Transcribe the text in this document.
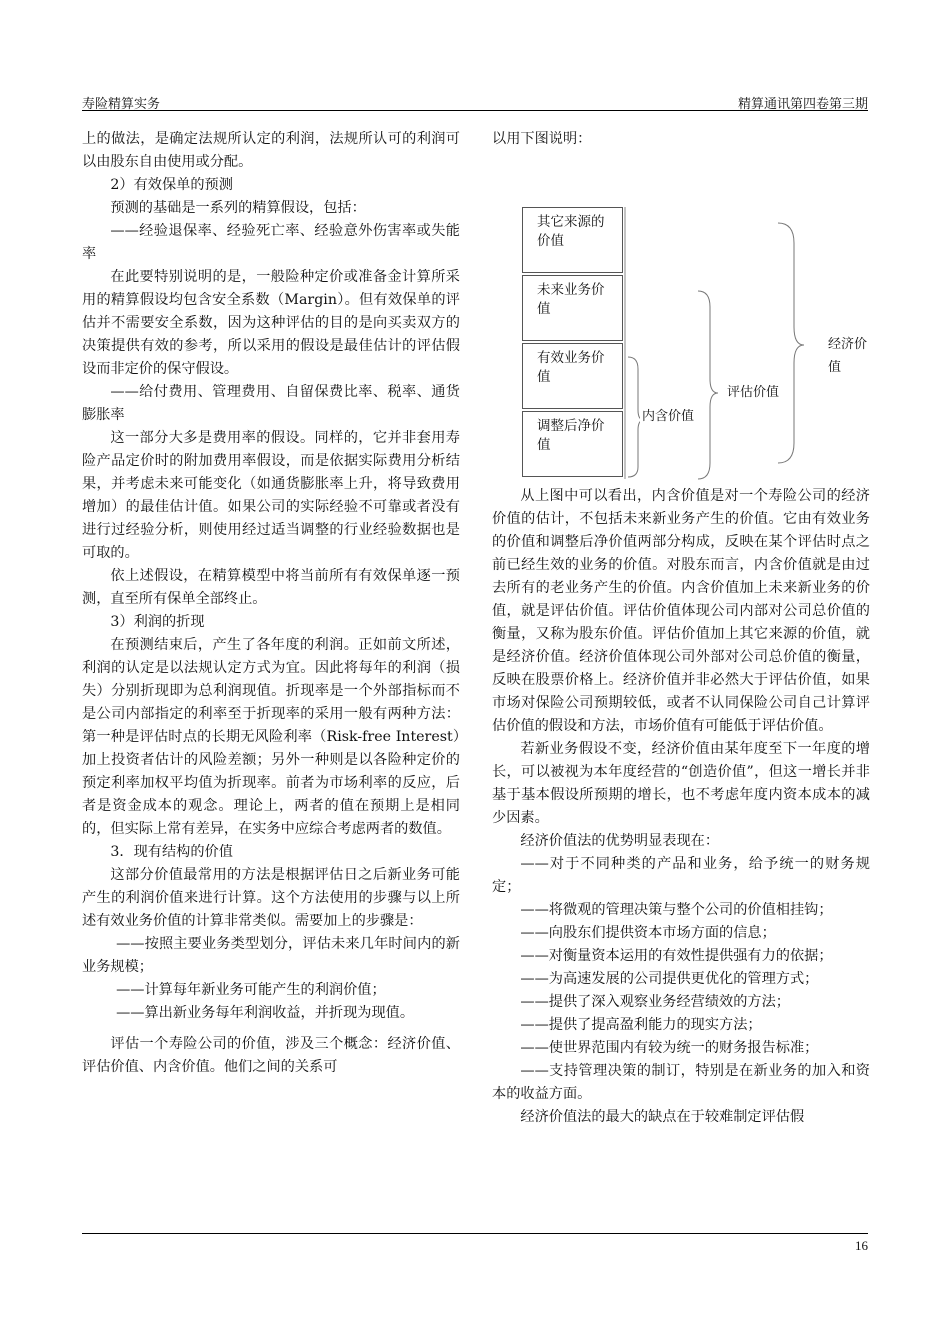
寿险精算实务	精算通讯第四卷第三期

上的做法，是确定法规所认定的利润，法规所认可的利润可以由股东自由使用或分配。

2）有效保单的预测

预测的基础是一系列的精算假设，包括：

——经验退保率、经验死亡率、经验意外伤害率或失能率

在此要特别说明的是，一般险种定价或准备金计算所采用的精算假设均包含安全系数（Margin）。但有效保单的评估并不需要安全系数，因为这种评估的目的是向买卖双方的决策提供有效的参考，所以采用的假设是最佳估计的评估假设而非定价的保守假设。

——给付费用、管理费用、自留保费比率、税率、通货膨胀率

这一部分大多是费用率的假设。同样的，它并非套用寿险产品定价时的附加费用率假设，而是依据实际费用分析结果，并考虑未来可能变化（如通货膨胀率上升，将导致费用增加）的最佳估计值。如果公司的实际经验不可靠或者没有进行过经验分析，则使用经过适当调整的行业经验数据也是可取的。

依上述假设，在精算模型中将当前所有有效保单逐一预测，直至所有保单全部终止。

3）利润的折现

在预测结束后，产生了各年度的利润。正如前文所述，利润的认定是以法规认定方式为宜。因此将每年的利润（损失）分别折现即为总利润现值。折现率是一个外部指标而不是公司内部指定的利率至于折现率的采用一般有两种方法：第一种是评估时点的长期无风险利率（Risk-free Interest）加上投资者估计的风险差额；另外一种则是以各险种定价的预定利率加权平均值为折现率。前者为市场利率的反应，后者是资金成本的观念。理论上，两者的值在预期上是相同的，但实际上常有差异，在实务中应综合考虑两者的数值。

3．现有结构的价值

这部分价值最常用的方法是根据评估日之后新业务可能产生的利润价值来进行计算。这个方法使用的步骤与以上所述有效业务价值的计算非常类似。需要加上的步骤是：

——按照主要业务类型划分，评估未来几年时间内的新业务规模；

——计算每年新业务可能产生的利润价值；

——算出新业务每年利润收益，并折现为现值。

评估一个寿险公司的价值，涉及三个概念：经济价值、评估价值、内含价值。他们之间的关系可

以用下图说明：

其它来源的价值
未来业务价值
有效业务价值
调整后净价值
内含价值
评估价值
经济价值

从上图中可以看出，内含价值是对一个寿险公司的经济价值的估计，不包括未来新业务产生的价值。它由有效业务的价值和调整后净价值两部分构成，反映在某个评估时点之前已经生效的业务的价值。对股东而言，内含价值就是由过去所有的老业务产生的价值。内含价值加上未来新业务的价值，就是评估价值。评估价值体现公司内部对公司总价值的衡量，又称为股东价值。评估价值加上其它来源的价值，就是经济价值。经济价值体现公司外部对公司总价值的衡量，反映在股票价格上。经济价值并非必然大于评估价值，如果市场对保险公司预期较低，或者不认同保险公司自己计算评估价值的假设和方法，市场价值有可能低于评估价值。

若新业务假设不变，经济价值由某年度至下一年度的增长，可以被视为本年度经营的“创造价值”，但这一增长并非基于基本假设所预期的增长，也不考虑年度内资本成本的减少因素。

经济价值法的优势明显表现在：

——对于不同种类的产品和业务，给予统一的财务规定；

——将微观的管理决策与整个公司的价值相挂钩；

——向股东们提供资本市场方面的信息；

——对衡量资本运用的有效性提供强有力的依据；

——为高速发展的公司提供更优化的管理方式；

——提供了深入观察业务经营绩效的方法；

——提供了提高盈利能力的现实方法；

——使世界范围内有较为统一的财务报告标准；

——支持管理决策的制订，特别是在新业务的加入和资本的收益方面。

经济价值法的最大的缺点在于较难制定评估假

16
